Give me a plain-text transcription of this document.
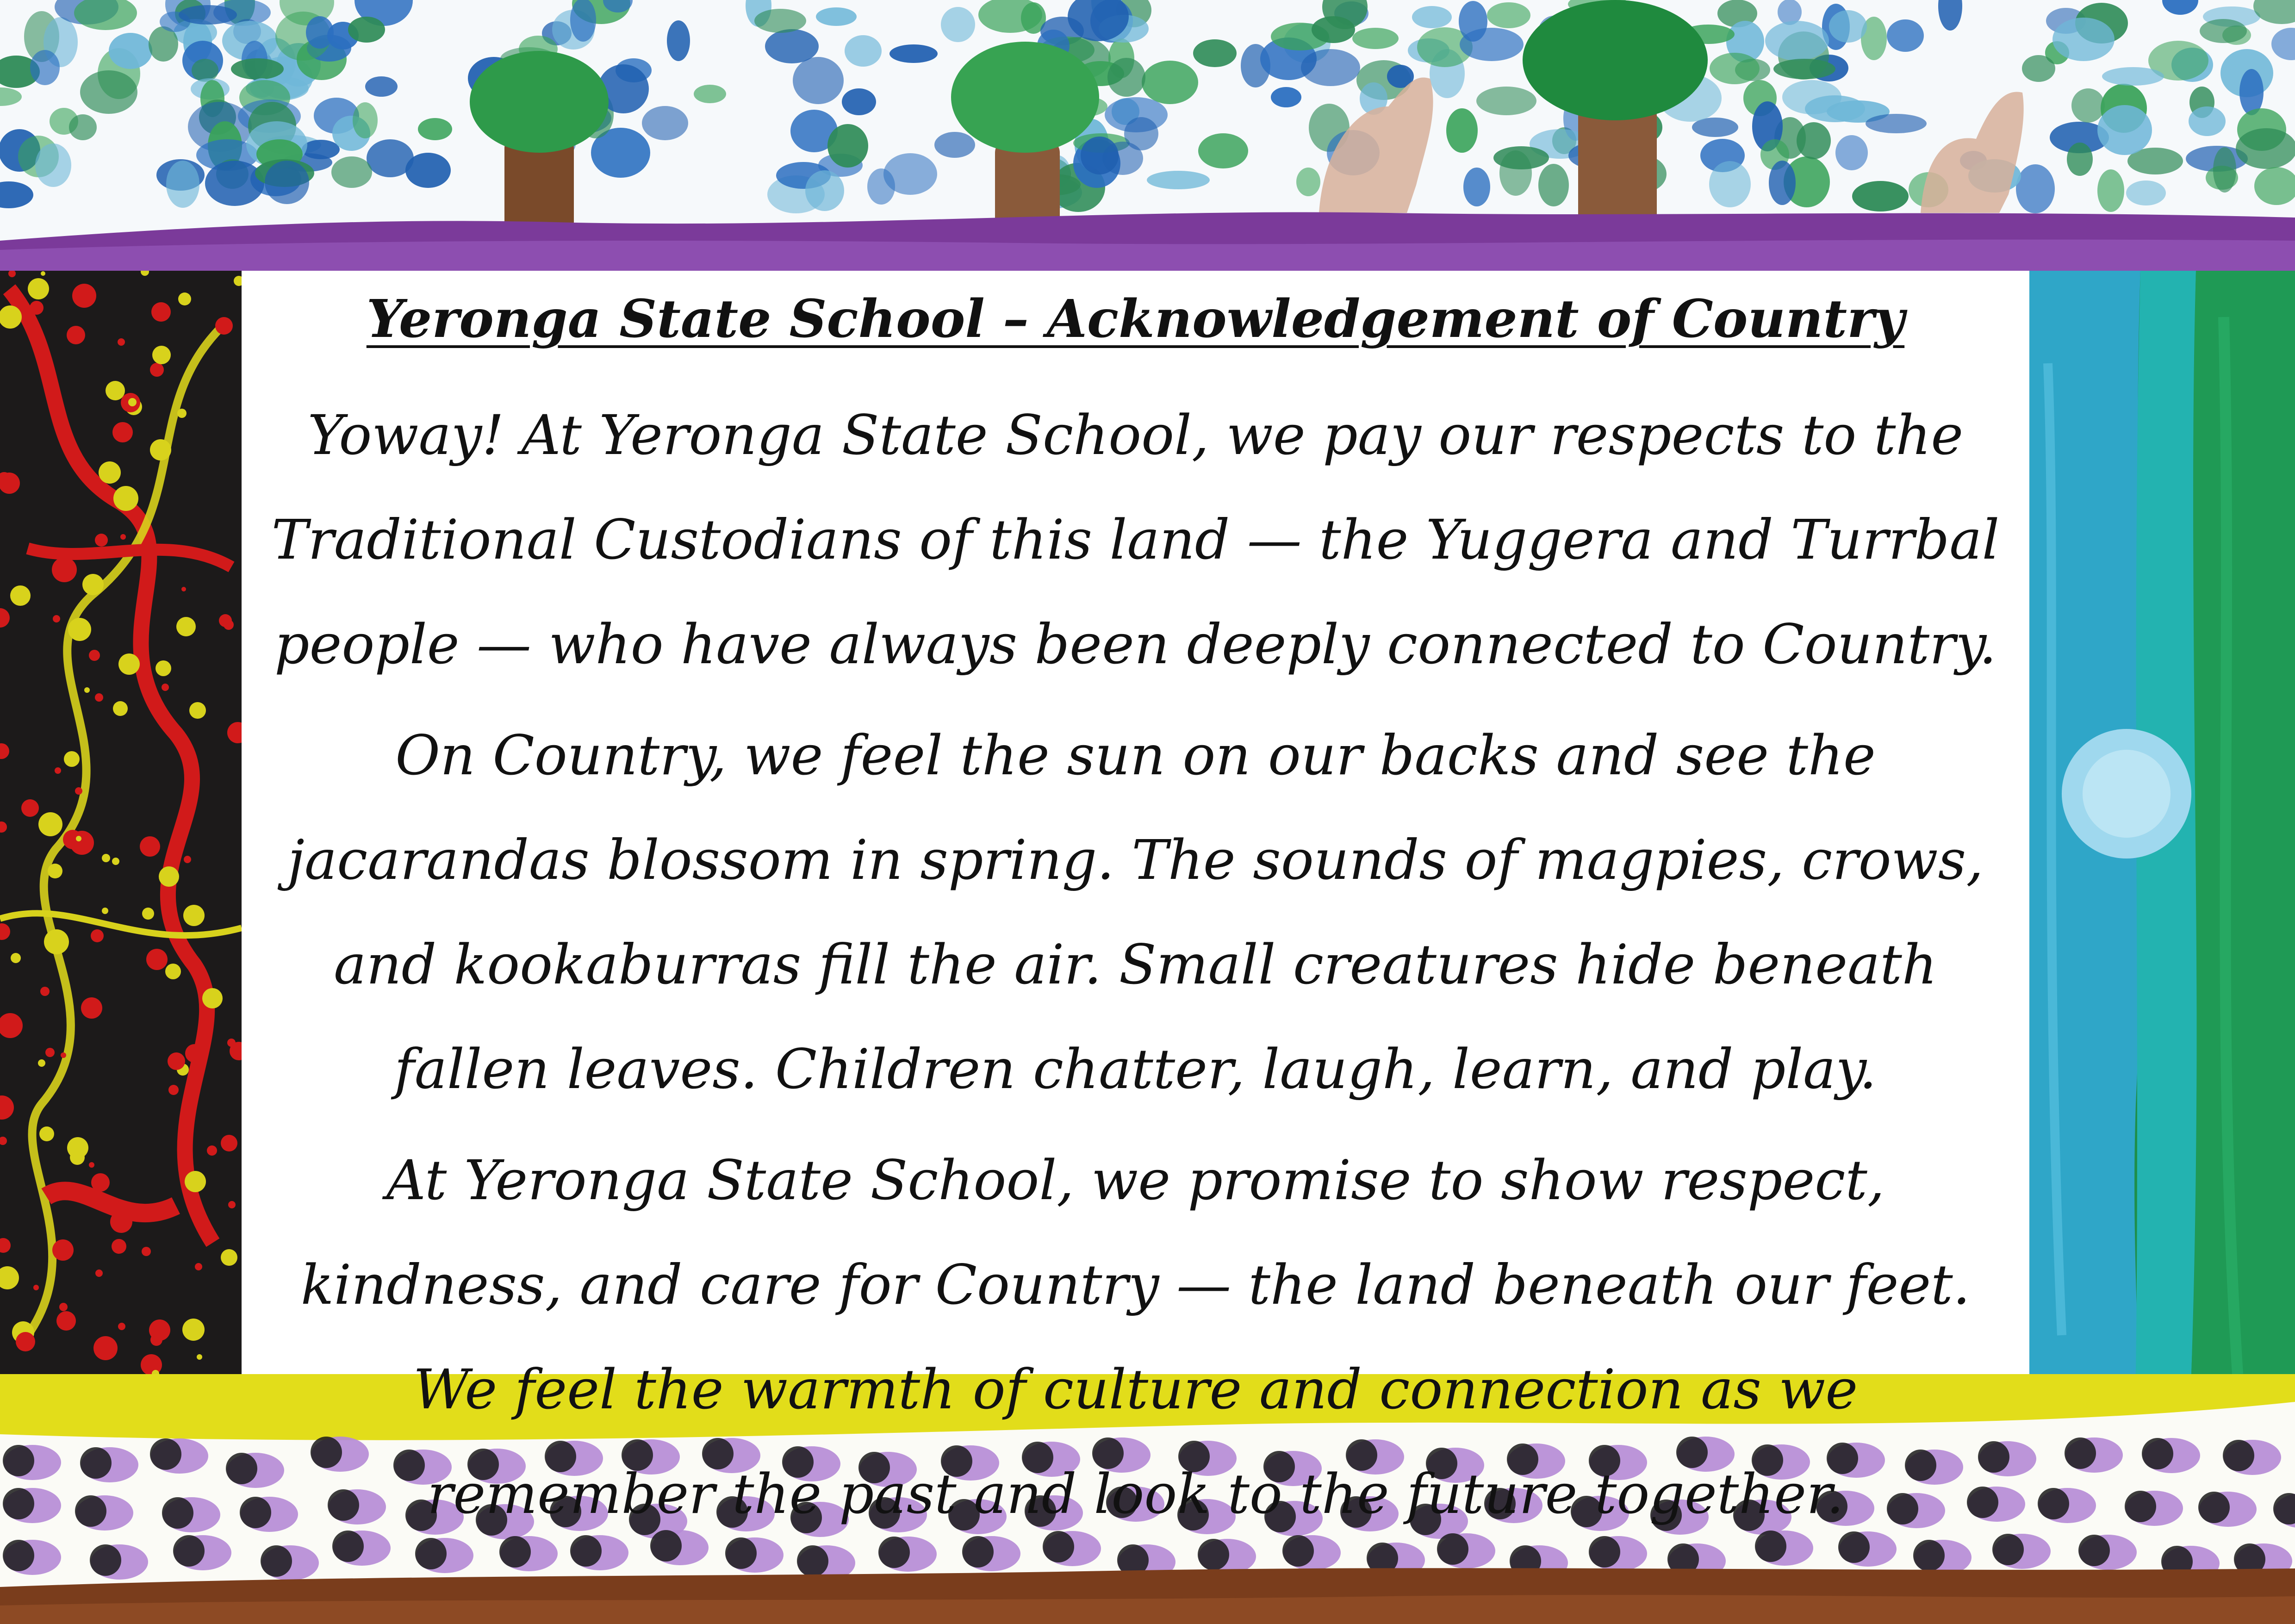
Yeronga State School – Acknowledgement of Country

Yoway! At Yeronga State School, we pay our respects to the Traditional Custodians of this land — the Yuggera and Turrbal people — who have always been deeply connected to Country.

On Country, we feel the sun on our backs and see the jacarandas blossom in spring. The sounds of magpies, crows, and kookaburras fill the air. Small creatures hide beneath fallen leaves. Children chatter, laugh, learn, and play.

At Yeronga State School, we promise to show respect, kindness, and care for Country — the land beneath our feet. We feel the warmth of culture and connection as we remember the past and look to the future together.
